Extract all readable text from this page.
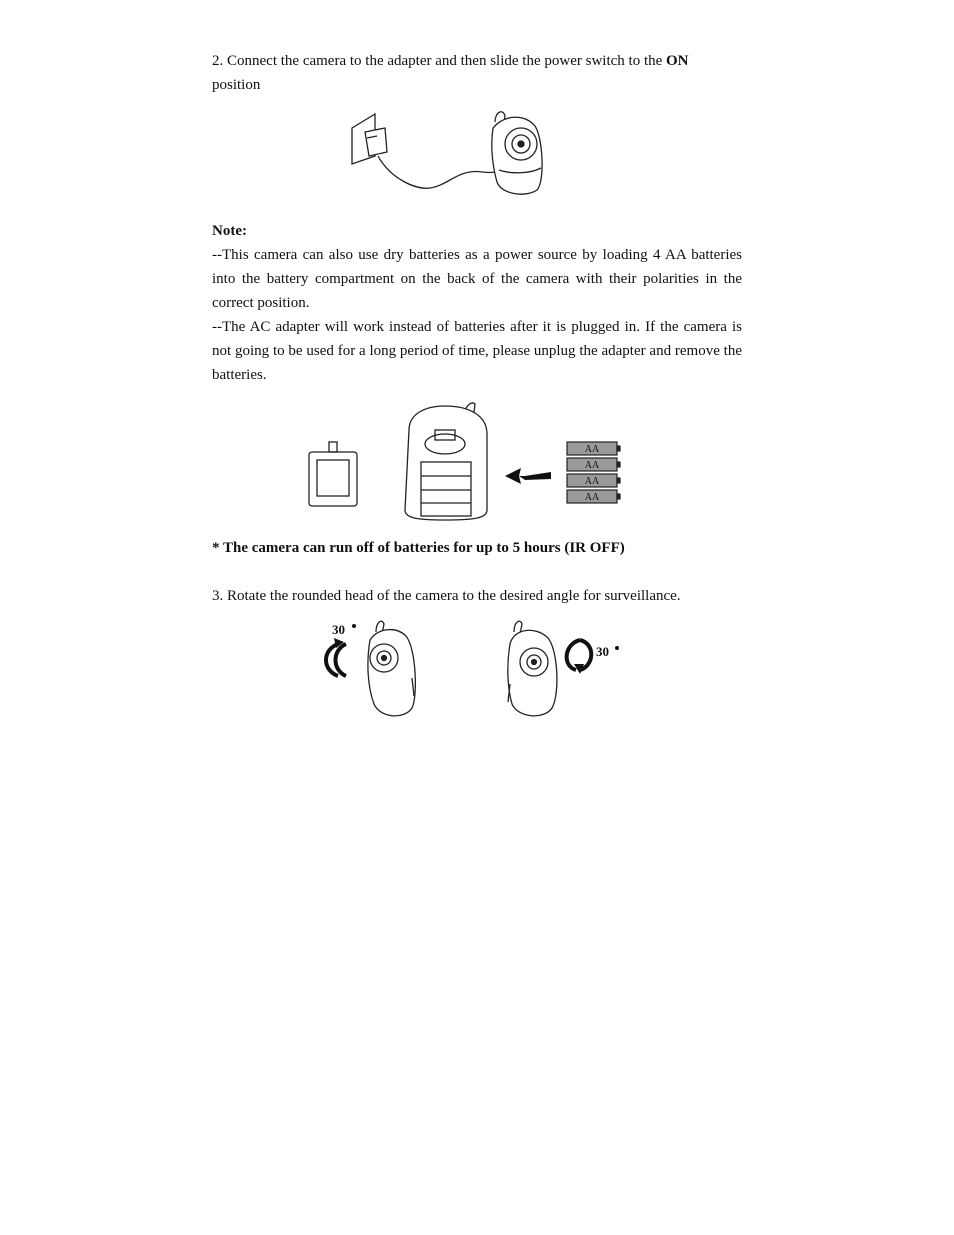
2. Connect the camera to the adapter and then slide the power switch to the ON
position
Note:
--This camera can also use dry batteries as a power source by loading 4 AA batteries into the battery compartment on the back of the camera with their polarities in the correct position.
--The AC adapter will work instead of batteries after it is plugged in. If the camera is not going to be used for a long period of time, please unplug the adapter and remove the batteries.
AA
AA
AA
AA
* The camera can run off of batteries for up to 5 hours (IR OFF)
3. Rotate the rounded head of the camera to the desired angle for surveillance.
30
30
